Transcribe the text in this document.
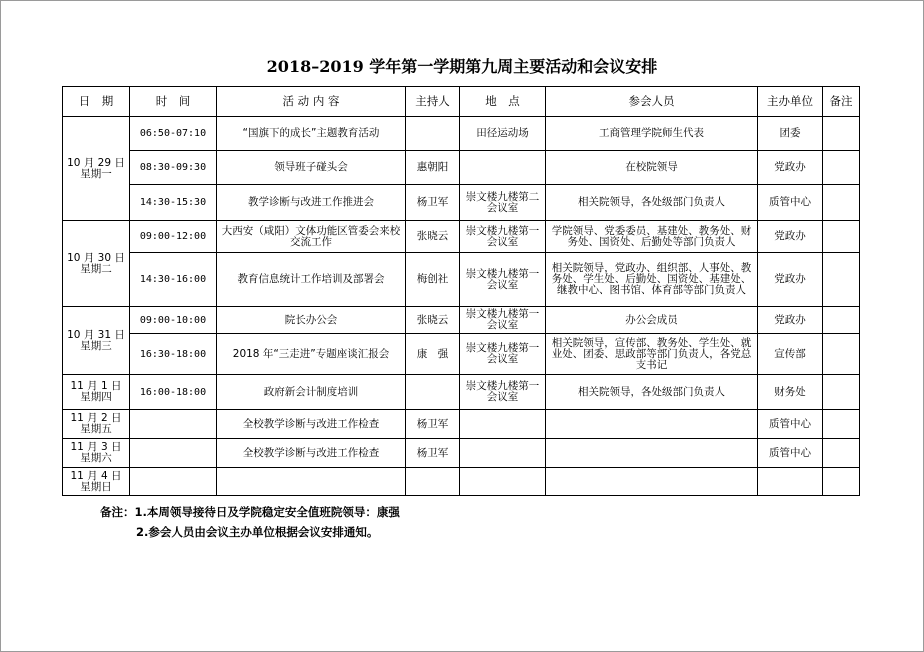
2018–2019 学年第一学期第九周主要活动和会议安排
日　期	时　间	活 动 内 容	主持人	地　点	参会人员	主办单位	备注
10 月 29 日
星期一	06:50-07:10	“国旗下的成长”主题教育活动		田径运动场	工商管理学院师生代表	团委	
	08:30-09:30	领导班子碰头会	惠朝阳		在校院领导	党政办	
	14:30-15:30	教学诊断与改进工作推进会	杨卫军	崇文楼九楼第二会议室	相关院领导，各处级部门负责人	质管中心	
10 月 30 日
星期二	09:00-12:00	大西安（咸阳）文体功能区管委会来校交流工作	张晓云	崇文楼九楼第一会议室	学院领导、党委委员、基建处、教务处、财务处、国资处、后勤处等部门负责人	党政办	
	14:30-16:00	教育信息统计工作培训及部署会	梅创社	崇文楼九楼第一会议室	相关院领导，党政办、组织部、人事处、教务处、学生处、后勤处、国资处、基建处、继教中心、图书馆、体育部等部门负责人	党政办	
10 月 31 日
星期三	09:00-10:00	院长办公会	张晓云	崇文楼九楼第一会议室	办公会成员	党政办	
	16:30-18:00	2018 年“三走进”专题座谈汇报会	康　强	崇文楼九楼第一会议室	相关院领导，宣传部、教务处、学生处、就业处、团委、思政部等部门负责人，各党总支书记	宣传部	
11 月 1 日
星期四	16:00-18:00	政府新会计制度培训		崇文楼九楼第一会议室	相关院领导，各处级部门负责人	财务处	
11 月 2 日
星期五		全校教学诊断与改进工作检查	杨卫军			质管中心	
11 月 3 日
星期六		全校教学诊断与改进工作检查	杨卫军			质管中心	
11 月 4 日
星期日							
备注：1.本周领导接待日及学院稳定安全值班院领导：康强
2.参会人员由会议主办单位根据会议安排通知。
